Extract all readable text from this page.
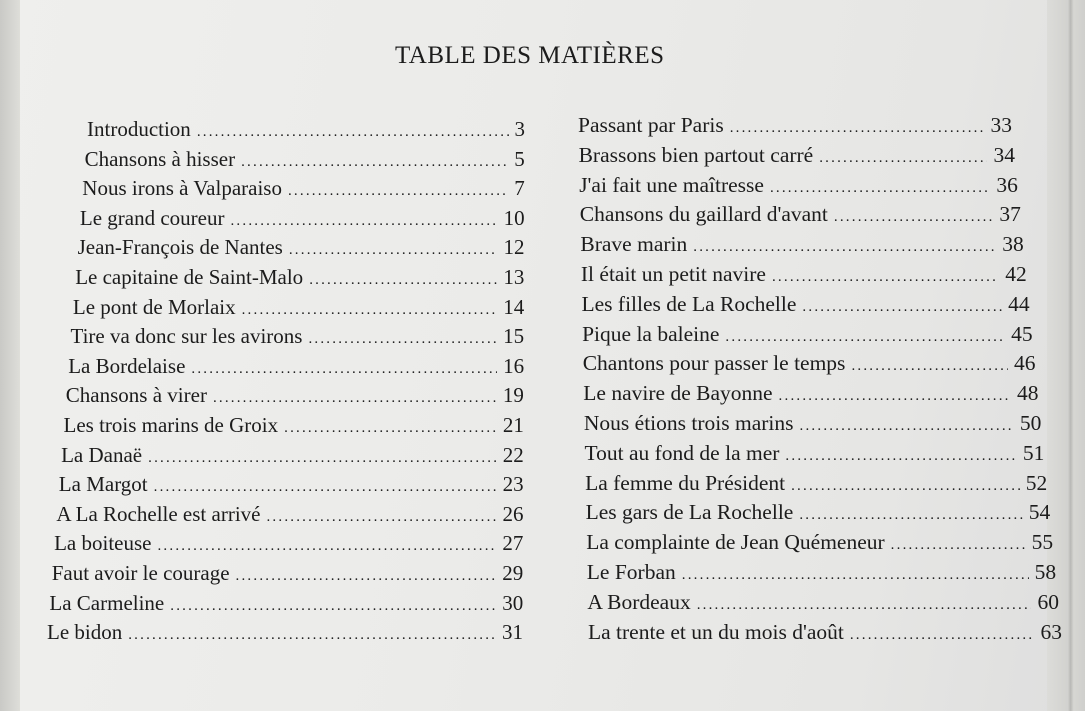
TABLE DES MATIÈRES
Introduction .....	3
Chansons à hisser .....	5
Nous irons à Valparaiso .....	7
Le grand coureur .....	10
Jean-François de Nantes .....	12
Le capitaine de Saint-Malo .....	13
Le pont de Morlaix .....	14
Tire va donc sur les avirons .....	15
La Bordelaise .....	16
Chansons à virer .....	19
Les trois marins de Groix .....	21
La Danaë .....	22
La Margot .....	23
A La Rochelle est arrivé .....	26
La boiteuse .....	27
Faut avoir le courage .....	29
La Carmeline .....	30
Le bidon .....	31
Passant par Paris .....	33
Brassons bien partout carré .....	34
J'ai fait une maîtresse .....	36
Chansons du gaillard d'avant .....	37
Brave marin .....	38
Il était un petit navire .....	42
Les filles de La Rochelle .....	44
Pique la baleine .....	45
Chantons pour passer le temps .....	46
Le navire de Bayonne .....	48
Nous étions trois marins .....	50
Tout au fond de la mer .....	51
La femme du Président .....	52
Les gars de La Rochelle .....	54
La complainte de Jean Quémeneur .....	55
Le Forban .....	58
A Bordeaux .....	60
La trente et un du mois d'août .....	63
